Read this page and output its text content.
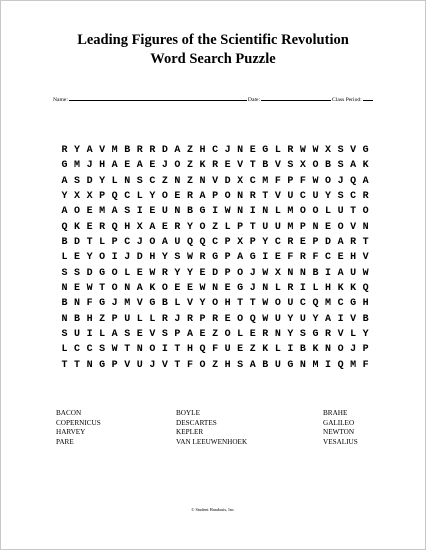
Leading Figures of the Scientific Revolution
Word Search Puzzle
Name:	Date:	Class Period:
R Y A V M B R R D A Z H C J N E G L R W W X S V G
G M J H A E A E J O Z K R E V T B V S X O B S A K
A S D Y L N S C Z N Z N V D X C M F P F W O J Q A
Y X X P Q C L Y O E R A P O N R T V U C U Y S C R
A O E M A S I E U N B G I W N I N L M O O L U T O
Q K E R Q H X A E R Y O Z L P T U U M P N E O V N
B D T L P C J O A U Q Q C P X P Y C R E P D A R T
L E Y O I J D H Y S W R G P A G I E F R F C E H V
S S D G O L E W R Y Y E D P O J W X N N B I A U W
N E W T O N A K O E E W N E G J N L R I L H K K Q
B N F G J M V G B L V Y O H T T W O U C Q M C G H
N B H Z P U L L R J R P R E O Q W U Y U Y A I V B
S U I L A S E V S P A E Z O L E R N Y S G R V L Y
L C C S W T N O I T H Q F U E Z K L I B K N O J P
T T N G P V U J V T F O Z H S A B U G N M I Q M F
BACON
COPERNICUS
HARVEY
PARE
BOYLE
DESCARTES
KEPLER
VAN LEEUWENHOEK
BRAHE
GALILEO
NEWTON
VESALIUS
© Student Handouts, Inc.
